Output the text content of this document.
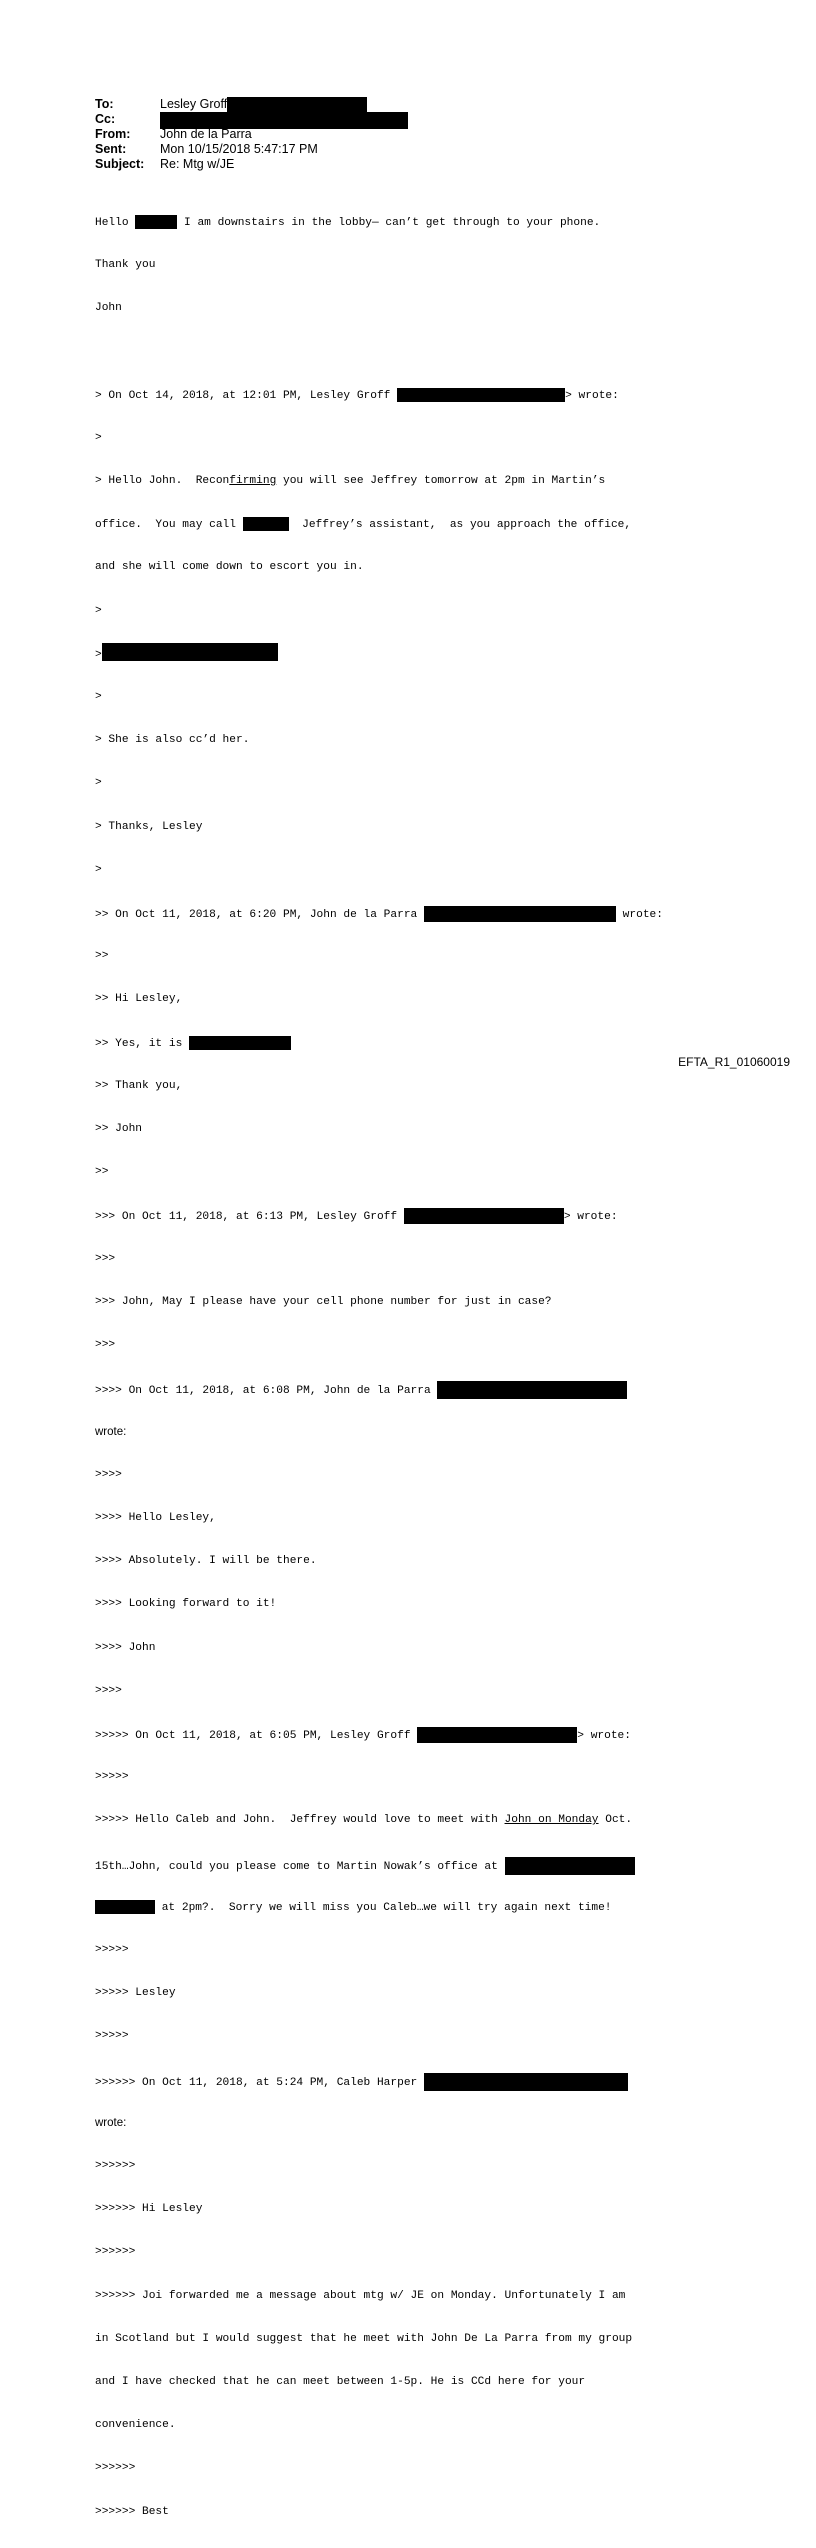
To:	Lesley Groff
Cc:
From: John de la Parra
Sent:	Mon 10/15/2018 5:47:17 PM
Subject: Re: Mtg w/JE

Hello	I am downstairs in the lobby— can’t get through to your phone.

Thank you

John

> On Oct 14, 2018, at 12:01 PM, Lesley Groff	> wrote:

>

> Hello John.  Reconfirming you will see Jeffrey tomorrow at 2pm in Martin’s

office.  You may call	Jeffrey’s assistant,  as you approach the office,

and she will come down to escort you in.

>

>

>

> She is also cc’d her.

>

> Thanks, Lesley

>

>> On Oct 11, 2018, at 6:20 PM, John de la Parra	wrote:

>>

>> Hi Lesley,

>> Yes, it is

>> Thank you,

>> John

>>

>>> On Oct 11, 2018, at 6:13 PM, Lesley Groff	> wrote:

>>>

>>> John, May I please have your cell phone number for just in case?

>>>

>>>> On Oct 11, 2018, at 6:08 PM, John de la Parra

wrote:

>>>>

>>>> Hello Lesley,

>>>> Absolutely. I will be there.

>>>> Looking forward to it!

>>>> John

>>>>

>>>>> On Oct 11, 2018, at 6:05 PM, Lesley Groff	> wrote:

>>>>>

>>>>> Hello Caleb and John.  Jeffrey would love to meet with John on Monday Oct.

15th…John, could you please come to Martin Nowak’s office at

at 2pm?.  Sorry we will miss you Caleb…we will try again next time!

>>>>>

>>>>> Lesley

>>>>>

>>>>>> On Oct 11, 2018, at 5:24 PM, Caleb Harper

wrote:

>>>>>>

>>>>>> Hi Lesley

>>>>>>

>>>>>> Joi forwarded me a message about mtg w/ JE on Monday. Unfortunately I am

in Scotland but I would suggest that he meet with John De La Parra from my group

and I have checked that he can meet between 1-5p. He is CCd here for your

convenience.

>>>>>>

>>>>>> Best

EFTA_R1_01060019
